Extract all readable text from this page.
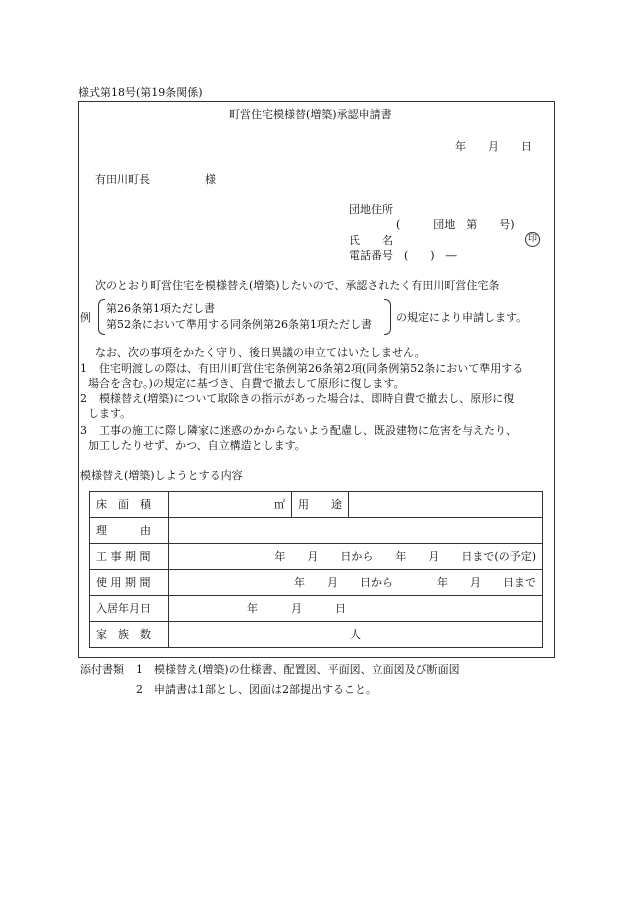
様式第18号(第19条関係)
町営住宅模様替(増築)承認申請書
年　　月　　日
有田川町長　　　　　様
団地住所
(　　　団地　第　　号)
氏　　名	印
電話番号　(　　)　―
次のとおり町営住宅を模様替え(増築)したいので、承認されたく有田川町営住宅条
例
第26条第1項ただし書
第52条において準用する同条例第26条第1項ただし書
の規定により申請します。
なお、次の事項をかたく守り、後日異議の申立てはいたしません。
1 住宅明渡しの際は、有田川町営住宅条例第26条第2項(同条例第52条において準用する
場合を含む。)の規定に基づき、自費で撤去して原形に復します。
2 模様替え(増築)について取除きの指示があった場合は、即時自費で撤去し、原形に復
します。
3 工事の施工に際し隣家に迷惑のかからないよう配慮し、既設建物に危害を与えたり、
加工したりせず、かつ、自立構造とします。
模様替え(増築)しようとする内容
床　面　積	㎡	用　　途	
理　　　由			
工 事 期 間	年　　月　　日から　　年　　月　　日まで(の予定)		
使 用 期 間	年　　月　　日から　　　　年　　月　　日まで		
入居年月日	年　　　月　　　日		
家　族　数	人		
添付書類 1 模様替え(増築)の仕様書、配置図、平面図、立面図及び断面図
2 申請書は1部とし、図面は2部提出すること。
